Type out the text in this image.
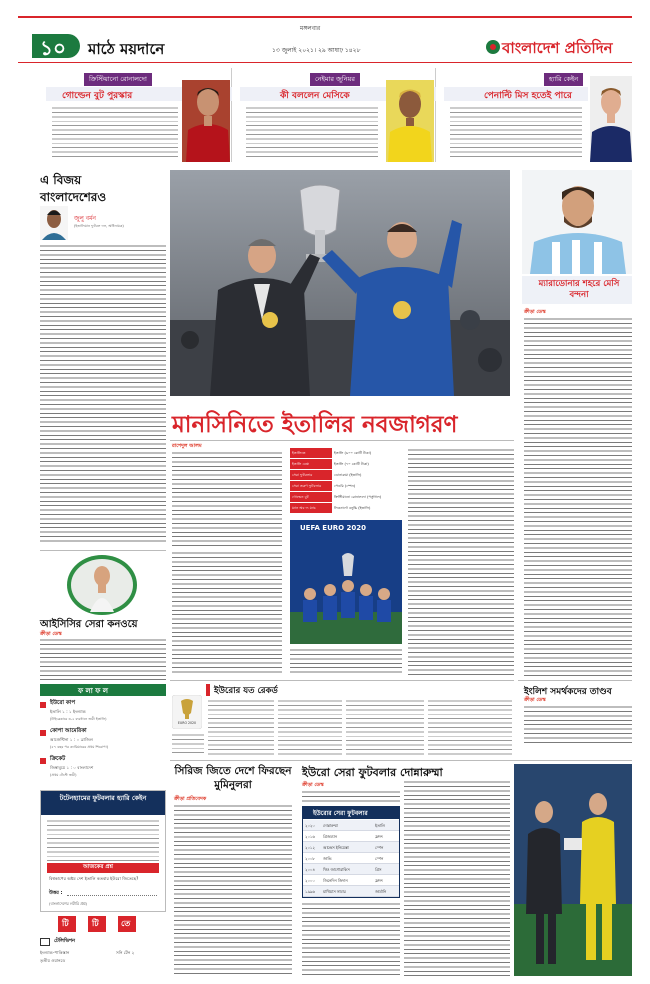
১০ মাঠে ময়দানে
মঙ্গলবার
১৩ জুলাই ২০২১। ২৯ আষাঢ় ১৪২৮	বাংলাদেশ প্রতিদিন
ক্রিস্টিয়ানো রোনালদো
গোল্ডেন বুট পুরস্কার
নেইমার জুনিয়র
কী বললেন মেসিকে
হ্যারি কেইন
পেনাল্টি মিস হতেই পারে
এ বিজয়
বাংলাদেশেরও
জুলু বর্মন
(ইতালিয়ান ফুটবল দল, অধিনায়ক)
আইসিসির সেরা কনওয়ে
ক্রীড়া ডেস্ক
ফ লা ফ ল
ইউরো কাপ
ইতালি ১ : ১ ইংল্যান্ড
(টাইব্রেকারে ৩-২ ব্যবধানে জয়ী ইতালি)
কোপা আমেরিকা
আর্জেন্টিনা ১ : ০ ব্রাজিল
(৫৭ বছর পর ক্যারিয়ারের প্রথম শিরোপা)
ক্রিকেট
জিম্বাবুয়ে ১ : ০ বাংলাদেশ
(প্রথম টেস্টে জয়ী)
টটেনহ্যামের ফুটবলার হ্যারি কেইন
আজকের প্রশ্ন
বিশ্বকাপের অষ্টম দেশ ইতালি কতবার ইউরো জিতেছে?
উত্তর :
(বাংলাদেশের লটারি প্রশ্ন)
টি	টি	তে
টেলিভিশন
ইংল্যান্ড-পাকিস্তান	সনি টেন ২
তৃতীয় ওয়ানডে
মানসিনিতে ইতালির নবজাগরণ
রাশেদুল আলম
ইতালিতে	ইতালি (৬০০ কোটি টাকা)
ইতালি বেঞ্চ	ইতালি (৭০ কোটি টাকা)
সেরা ফুটবলার	ডোনারুমা (ইতালি)
সেরা তরুণ ফুটবলার	পেডরি (স্পেন)
গোল্ডেন বুট	ক্রিস্টিয়ানো রোনালদো (পর্তুগাল)
ম্যান অব দ্য ম্যাচ	লিওনার্দো বনুচ্চি (ইতালি)
UEFA EURO 2020
ম্যারাডোনার শহরে মেসি বন্দনা
ক্রীড়া ডেস্ক
ইংলিশ সমর্থকদের তাণ্ডব
ক্রীড়া ডেস্ক
ইউরোর যত রেকর্ড
EURO 2020
সিরিজ জিতে দেশে ফিরছেন মুমিনুলরা
ক্রীড়া প্রতিবেদক
ইউরো সেরা ফুটবলার দোন্নারুম্মা
ক্রীড়া ডেস্ক
ইউরোর সেরা ফুটবলার
২০২০	দোন্নারুম্মা	ইতালি
২০১৬	গ্রিজম্যান	ফ্রান্স
২০১২	আন্দ্রেস ইনিয়েস্তা	স্পেন
২০০৮	জাভি	স্পেন
২০০৪	থিও জাগোরাকিস	গ্রিস
২০০০	জিনেদিন জিদান	ফ্রান্স
১৯৯৬	মাথিয়াস সামার	জার্মানি
